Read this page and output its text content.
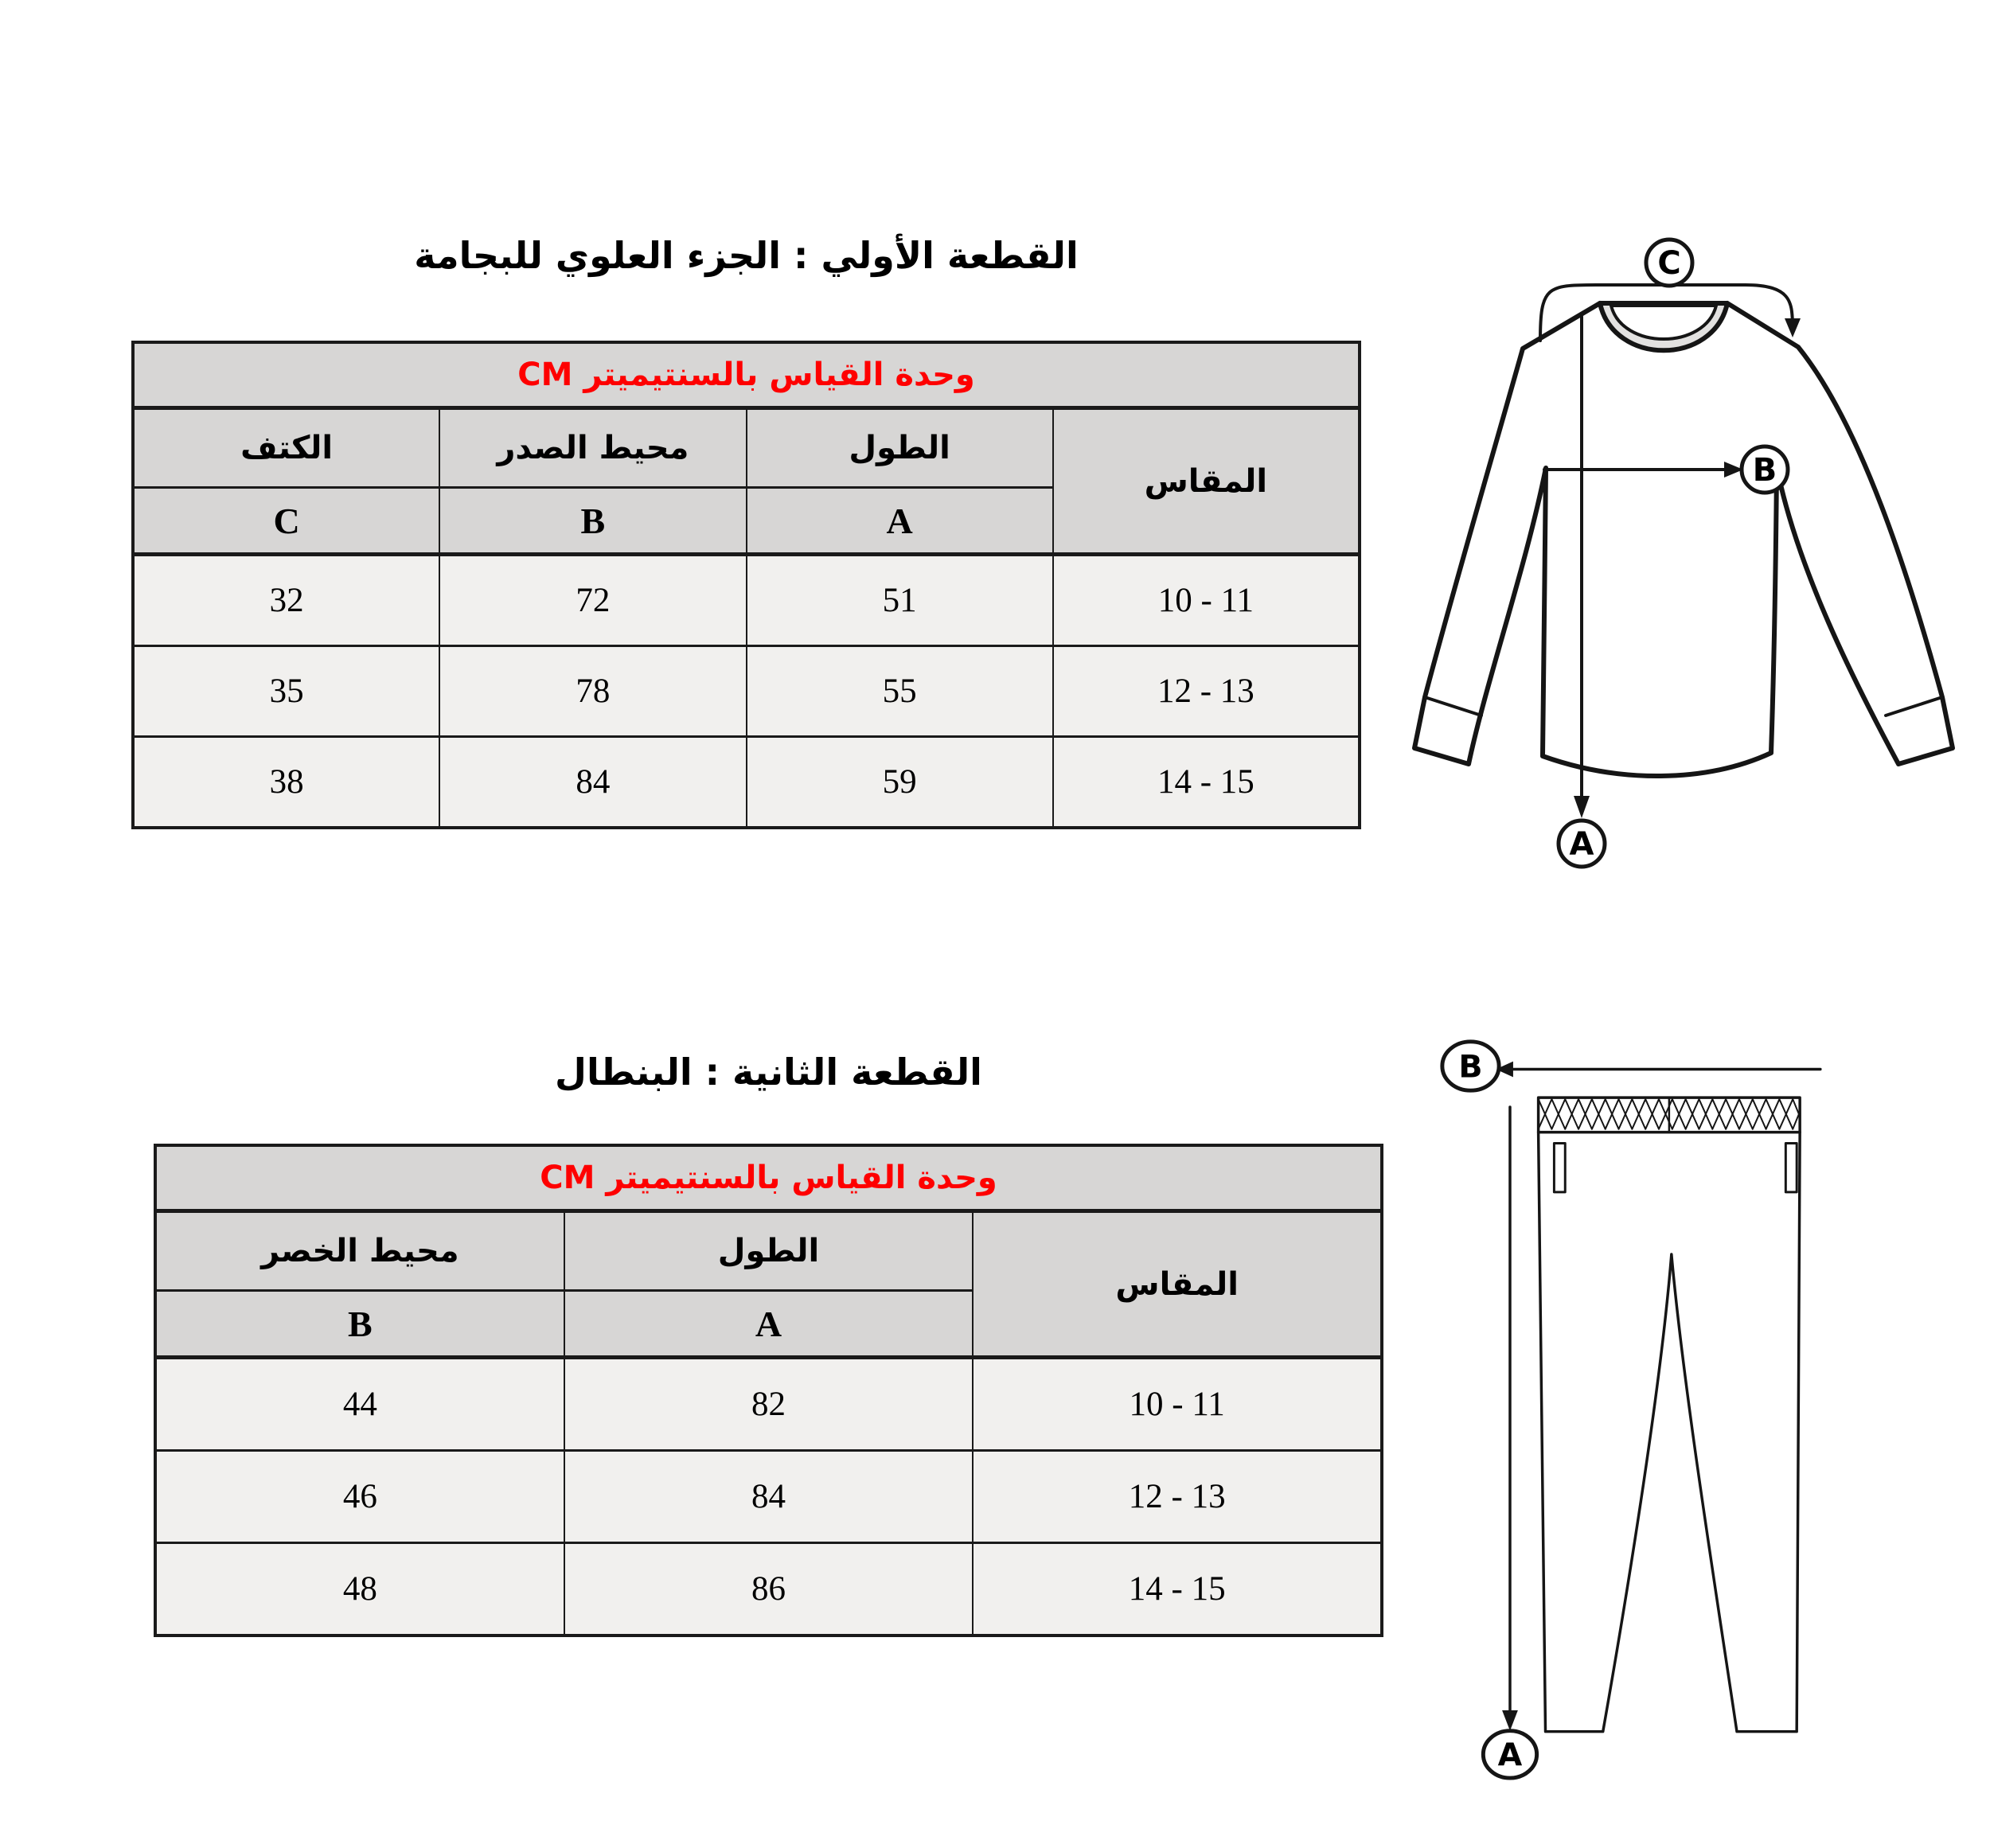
القطعة الأولي : الجزء العلوي للبجامة
وحدة القياس بالسنتيميتر CM			
المقاس	الطول	محيط الصدر	الكتف
	A	B	C
10 - 11	51	72	32
12 - 13	55	78	35
14 - 15	59	84	38
C
B
A
القطعة الثانية : البنطال
وحدة القياس بالسنتيميتر CM		
المقاس	الطول	محيط الخصر
	A	B
10 - 11	82	44
12 - 13	84	46
14 - 15	86	48
B
A
